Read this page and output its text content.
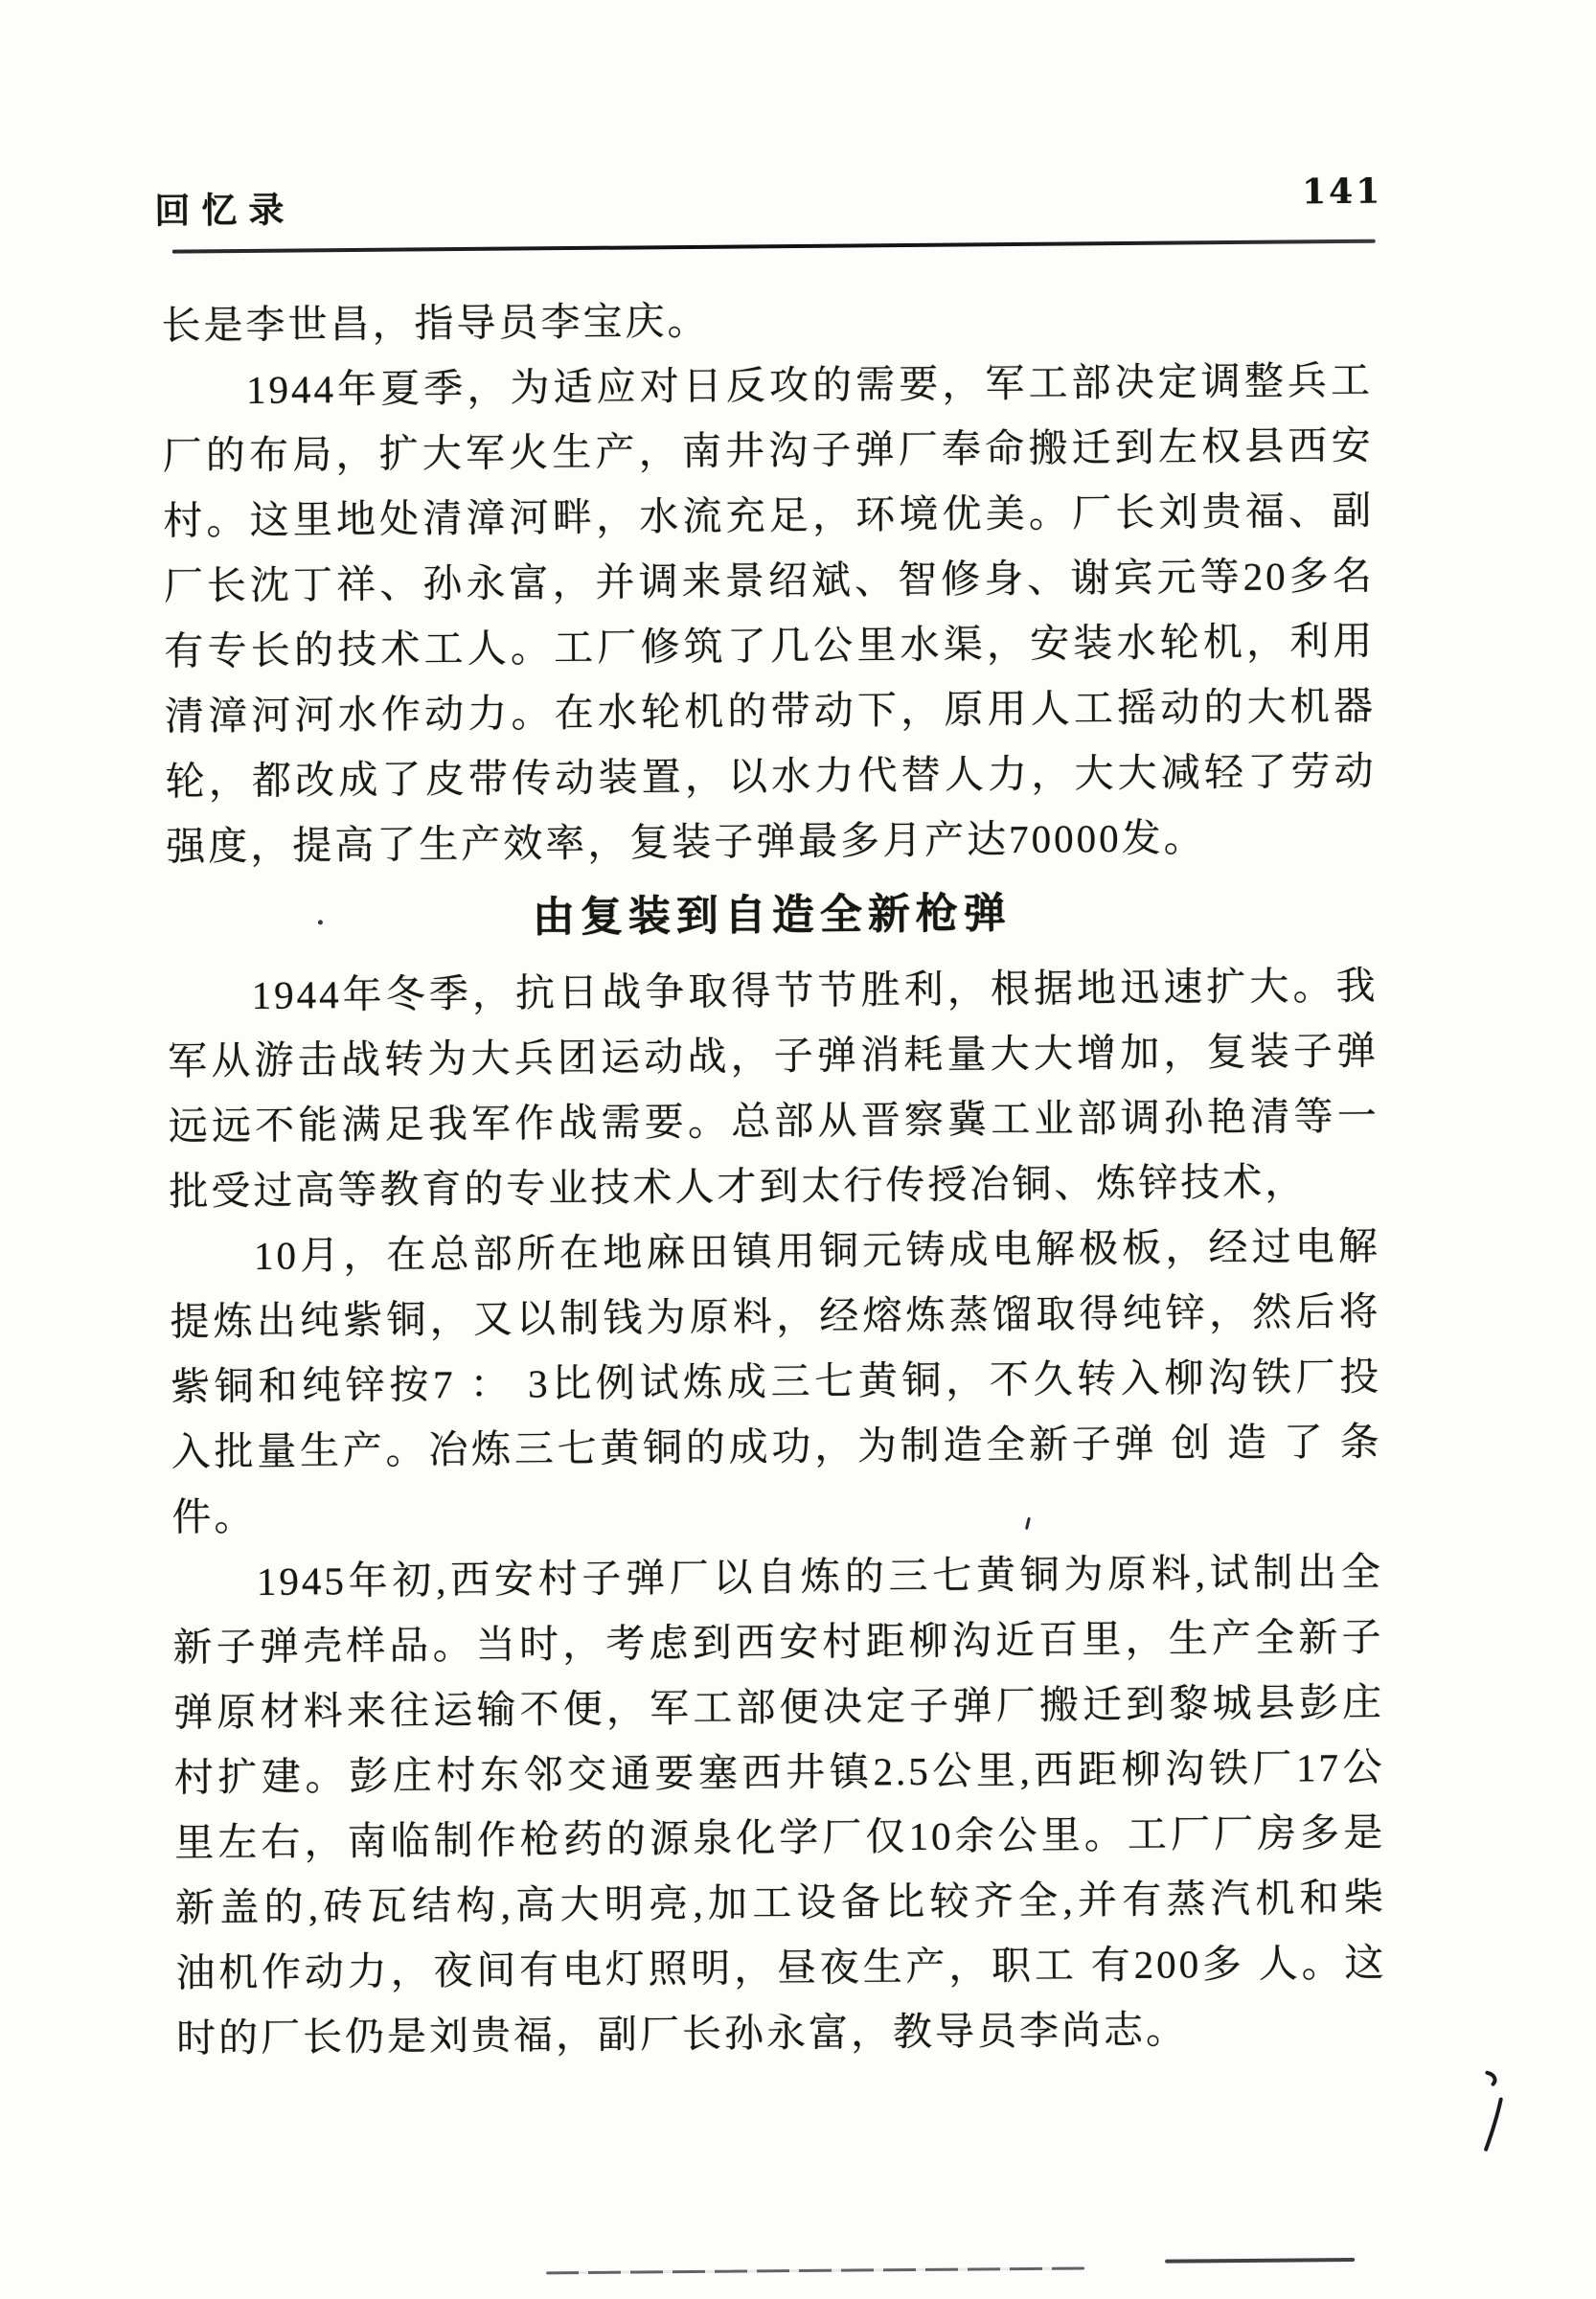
回忆录	141
长是李世昌，指导员李宝庆。
1944年夏季，为适应对日反攻的需要，军工部决定调整兵工
厂的布局，扩大军火生产，南井沟子弹厂奉命搬迁到左权县西安
村。这里地处清漳河畔，水流充足，环境优美。厂长刘贵福、副
厂长沈丁祥、孙永富，并调来景绍斌、智修身、谢宾元等20多名
有专长的技术工人。工厂修筑了几公里水渠，安装水轮机，利用
清漳河河水作动力。在水轮机的带动下，原用人工摇动的大机器
轮，都改成了皮带传动装置，以水力代替人力，大大减轻了劳动
强度，提高了生产效率，复装子弹最多月产达70000发。
由复装到自造全新枪弹
1944年冬季，抗日战争取得节节胜利，根据地迅速扩大。我
军从游击战转为大兵团运动战，子弹消耗量大大增加，复装子弹
远远不能满足我军作战需要。总部从晋察冀工业部调孙艳清等一
批受过高等教育的专业技术人才到太行传授冶铜、炼锌技术，
10月，在总部所在地麻田镇用铜元铸成电解极板，经过电解
提炼出纯紫铜，又以制钱为原料，经熔炼蒸馏取得纯锌，然后将
紫铜和纯锌按7 ： 3比例试炼成三七黄铜，不久转入柳沟铁厂投
入批量生产。冶炼三七黄铜的成功，为制造全新子弹 创 造 了 条
件。
1945年初,西安村子弹厂以自炼的三七黄铜为原料,试制出全
新子弹壳样品。当时，考虑到西安村距柳沟近百里，生产全新子
弹原材料来往运输不便，军工部便决定子弹厂搬迁到黎城县彭庄
村扩建。彭庄村东邻交通要塞西井镇2.5公里,西距柳沟铁厂17公
里左右，南临制作枪药的源泉化学厂仅10余公里。工厂厂房多是
新盖的,砖瓦结构,高大明亮,加工设备比较齐全,并有蒸汽机和柴
油机作动力，夜间有电灯照明，昼夜生产，职工 有200多 人。这
时的厂长仍是刘贵福，副厂长孙永富，教导员李尚志。
